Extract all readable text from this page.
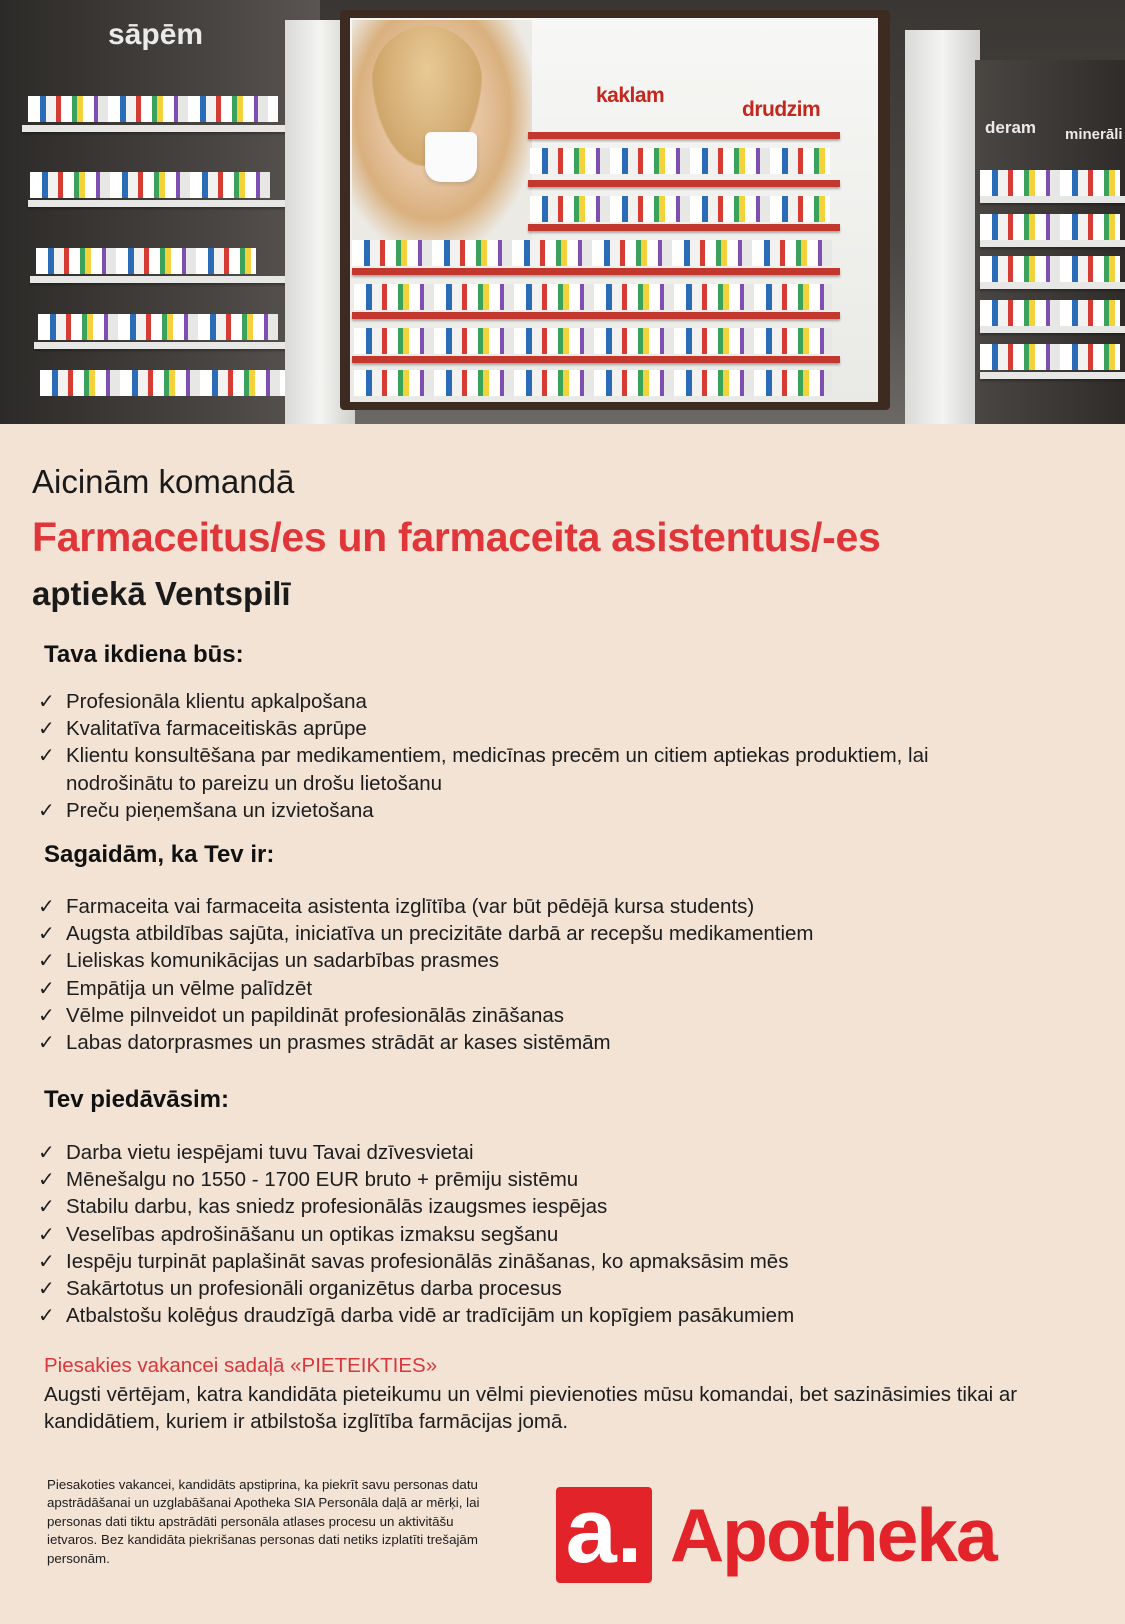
sāpēm
kaklam
drudzim
deram minerāli
Aicinām komandā
Farmaceitus/es un farmaceita asistentus/-es
aptiekā Ventspilī
Tava ikdiena būs:
✓ Profesionāla klientu apkalpošana
✓ Kvalitatīva farmaceitiskās aprūpe
✓ Klientu konsultēšana par medikamentiem, medicīnas precēm un citiem aptiekas produktiem, lai nodrošinātu to pareizu un drošu lietošanu
✓ Preču pieņemšana un izvietošana
Sagaidām, ka Tev ir:
✓ Farmaceita vai farmaceita asistenta izglītība (var būt pēdējā kursa students)
✓ Augsta atbildības sajūta, iniciatīva un precizitāte darbā ar recepšu medikamentiem
✓ Lieliskas komunikācijas un sadarbības prasmes
✓ Empātija un vēlme palīdzēt
✓ Vēlme pilnveidot un papildināt profesionālās zināšanas
✓ Labas datorprasmes un prasmes strādāt ar kases sistēmām
Tev piedāvāsim:
✓ Darba vietu iespējami tuvu Tavai dzīvesvietai
✓ Mēnešalgu no 1550 - 1700 EUR bruto + prēmiju sistēmu
✓ Stabilu darbu, kas sniedz profesionālās izaugsmes iespējas
✓ Veselības apdrošināšanu un optikas izmaksu segšanu
✓ Iespēju turpināt paplašināt savas profesionālās zināšanas, ko apmaksāsim mēs
✓ Sakārtotus un profesionāli organizētus darba procesus
✓ Atbalstošu kolēģus draudzīgā darba vidē ar tradīcijām un kopīgiem pasākumiem

Piesakies vakancei sadaļā «PIETEIKTIES»

Augsti vērtējam, katra kandidāta pieteikumu un vēlmi pievienoties mūsu komandai, bet sazināsimies tikai ar kandidātiem, kuriem ir atbilstoša izglītība farmācijas jomā.

Piesakoties vakancei, kandidāts apstiprina, ka piekrīt savu personas datu apstrādāšanai un uzglabāšanai Apotheka SIA Personāla daļā ar mērķi, lai personas dati tiktu apstrādāti personāla atlases procesu un aktivitāšu ietvaros. Bez kandidāta piekrišanas personas dati netiks izplatīti trešajām personām.	a. Apotheka
